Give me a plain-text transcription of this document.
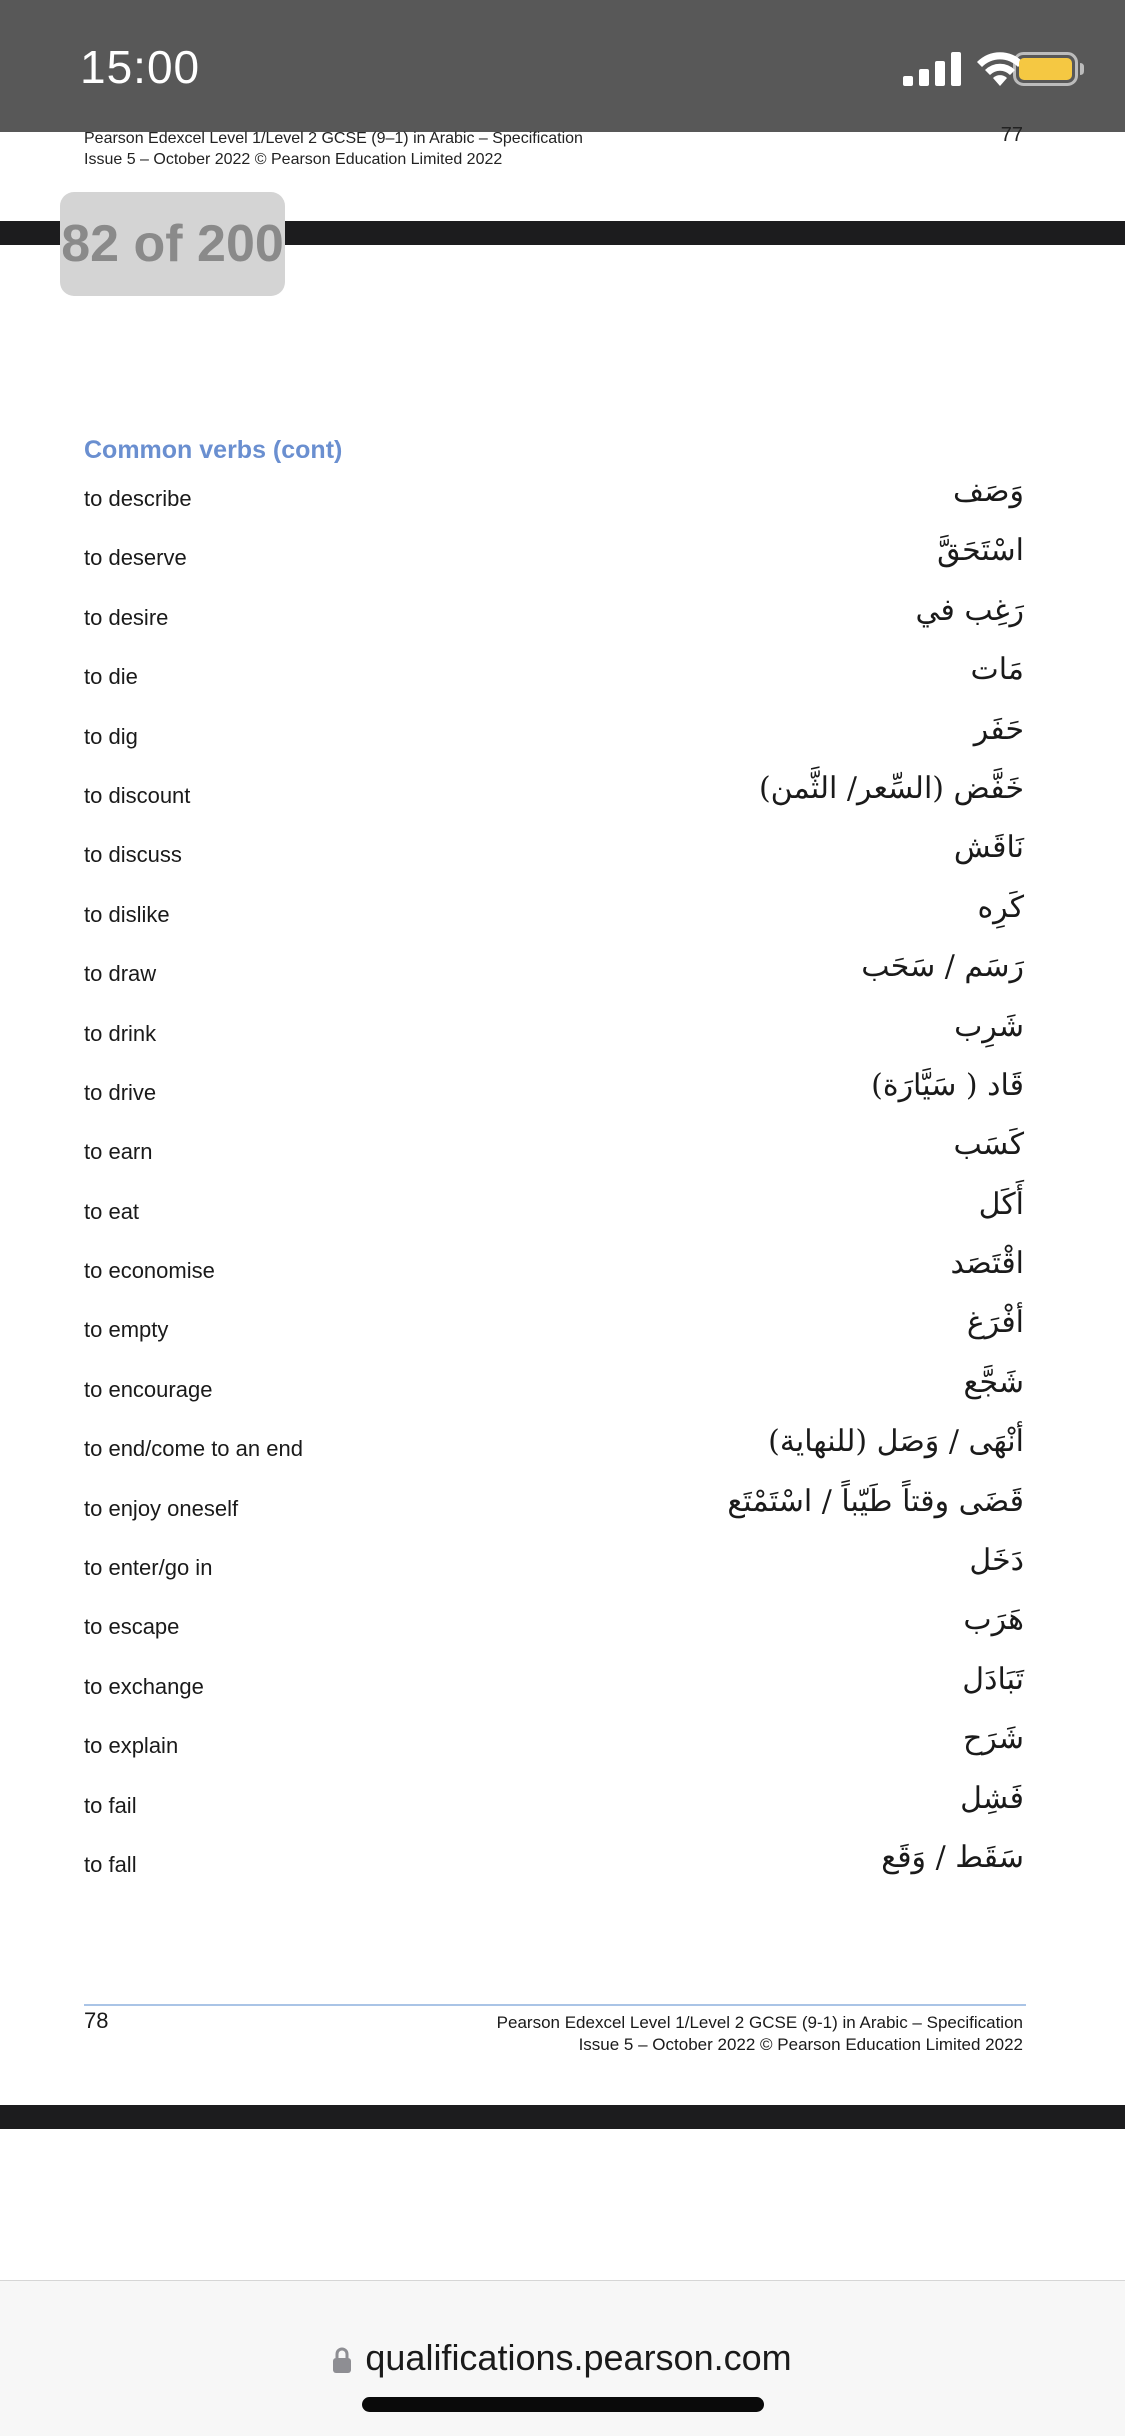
15:00
Pearson Edexcel Level 1/Level 2 GCSE (9–1) in Arabic – Specification
Issue 5 – October 2022 © Pearson Education Limited 2022
77
82 of 200
Common verbs (cont)
to describe	وَصَف
to deserve	اسْتَحَقَّ
to desire	رَغِب في
to die	مَات
to dig	حَفَر
to discount	خَفَّض (السِّعر/ الثَّمن)
to discuss	نَاقَش
to dislike	كَرِه
to draw	رَسَم / سَحَب
to drink	شَرِب
to drive	قَاد ( سَيَّارَة)
to earn	كَسَب
to eat	أَكَل
to economise	اقْتَصَد
to empty	أفْرَغ
to encourage	شَجَّع
to end/come to an end	أنْهَى / وَصَل (للنهاية)
to enjoy oneself	قَضَى وقتاً طَيّباً / اسْتَمْتَع
to enter/go in	دَخَل
to escape	هَرَب
to exchange	تَبَادَل
to explain	شَرَح
to fail	فَشِل
to fall	سَقَط / وَقَع
78	Pearson Edexcel Level 1/Level 2 GCSE (9-1) in Arabic – Specification
Issue 5 – October 2022 © Pearson Education Limited 2022
qualifications.pearson.com
